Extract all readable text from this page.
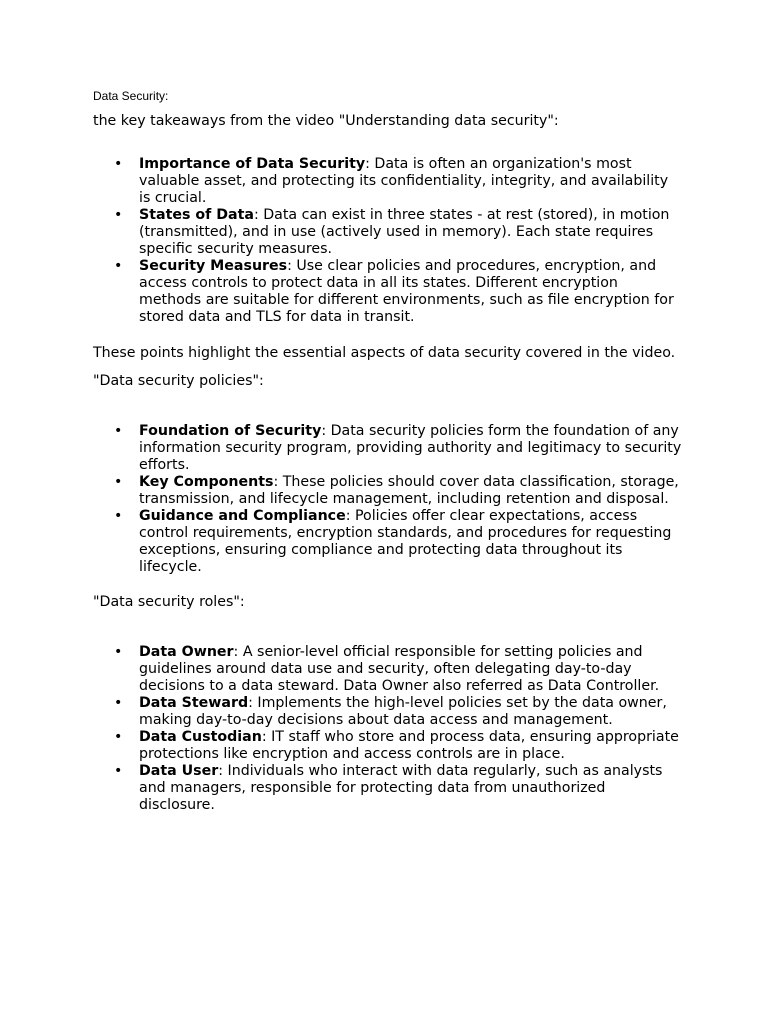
Data Security:

the key takeaways from the video "Understanding data security":

• Importance of Data Security: Data is often an organization's most valuable asset, and protecting its confidentiality, integrity, and availability is crucial.
• States of Data: Data can exist in three states - at rest (stored), in motion (transmitted), and in use (actively used in memory). Each state requires specific security measures.
• Security Measures: Use clear policies and procedures, encryption, and access controls to protect data in all its states. Different encryption methods are suitable for different environments, such as file encryption for stored data and TLS for data in transit.

These points highlight the essential aspects of data security covered in the video.

"Data security policies":

• Foundation of Security: Data security policies form the foundation of any information security program, providing authority and legitimacy to security efforts.
• Key Components: These policies should cover data classification, storage, transmission, and lifecycle management, including retention and disposal.
• Guidance and Compliance: Policies offer clear expectations, access control requirements, encryption standards, and procedures for requesting exceptions, ensuring compliance and protecting data throughout its lifecycle.

"Data security roles":

• Data Owner: A senior-level official responsible for setting policies and guidelines around data use and security, often delegating day-to-day decisions to a data steward. Data Owner also referred as Data Controller.
• Data Steward: Implements the high-level policies set by the data owner, making day-to-day decisions about data access and management.
• Data Custodian: IT staff who store and process data, ensuring appropriate protections like encryption and access controls are in place.
• Data User: Individuals who interact with data regularly, such as analysts and managers, responsible for protecting data from unauthorized disclosure.
